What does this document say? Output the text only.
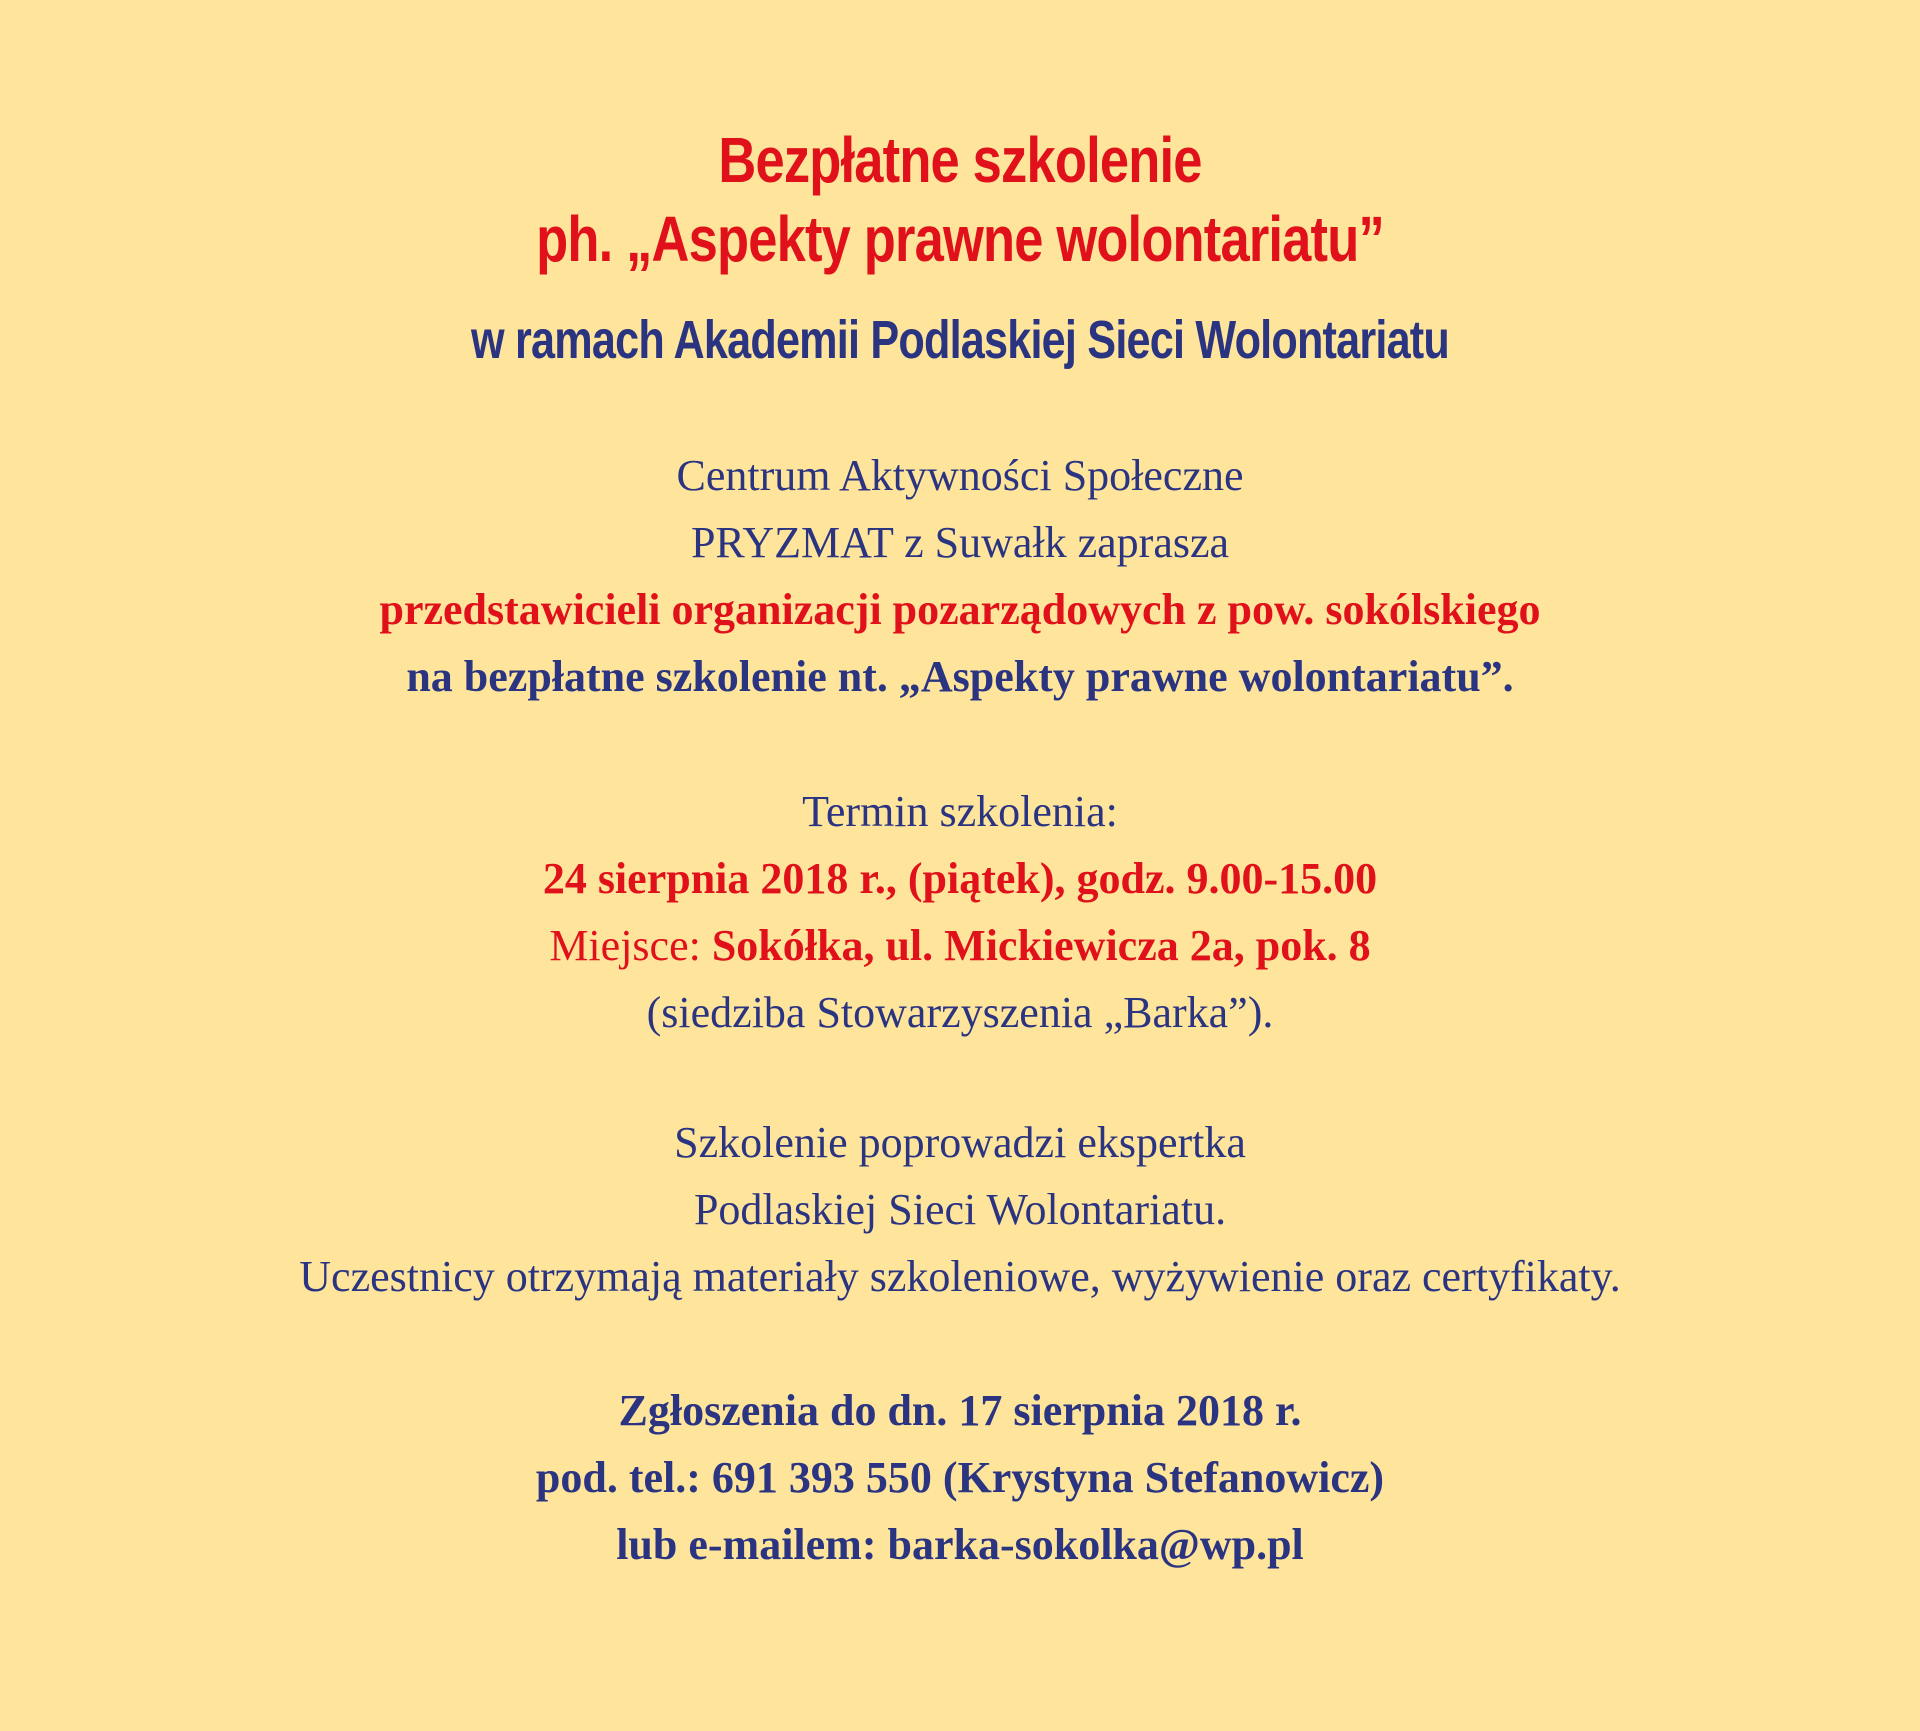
Bezpłatne szkolenie
ph. „Aspekty prawne wolontariatu”
w ramach Akademii Podlaskiej Sieci Wolontariatu
Centrum Aktywności Społeczne
PRYZMAT z Suwałk zaprasza
przedstawicieli organizacji pozarządowych z pow. sokólskiego
na bezpłatne szkolenie nt. „Aspekty prawne wolontariatu”.
Termin szkolenia:
24 sierpnia 2018 r., (piątek), godz. 9.00-15.00
Miejsce: Sokółka, ul. Mickiewicza 2a, pok. 8
(siedziba Stowarzyszenia „Barka”).
Szkolenie poprowadzi ekspertka
Podlaskiej Sieci Wolontariatu.
Uczestnicy otrzymają materiały szkoleniowe, wyżywienie oraz certyfikaty.
Zgłoszenia do dn. 17 sierpnia 2018 r.
pod. tel.: 691 393 550 (Krystyna Stefanowicz)
lub e-mailem: barka-sokolka@wp.pl
